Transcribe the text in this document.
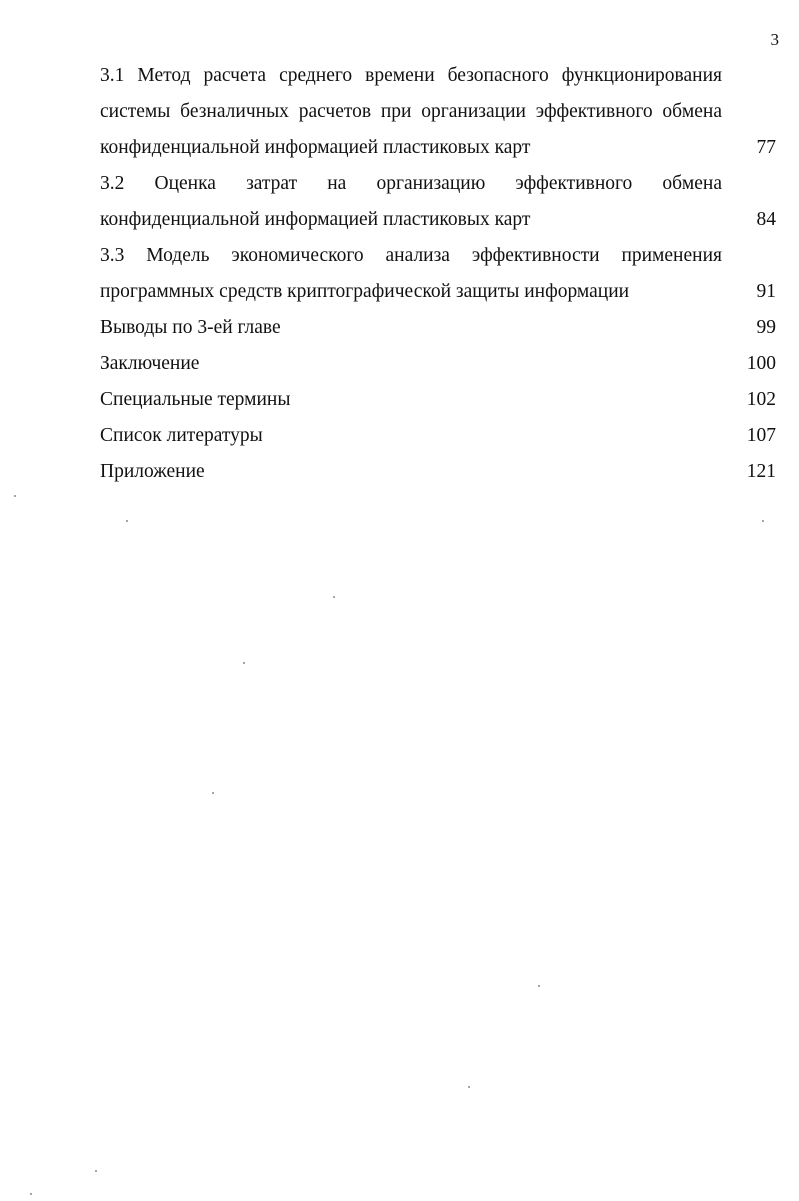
3
3.1 Метод расчета среднего времени безопасного функционирования
системы безналичных расчетов при организации эффективного обмена
конфиденциальной информацией пластиковых карт	77
3.2 Оценка затрат на организацию эффективного обмена
конфиденциальной информацией пластиковых карт	84
3.3 Модель экономического анализа эффективности применения
программных средств криптографической защиты информации	91
Выводы по 3-ей главе	99
Заключение	100
Специальные термины	102
Список литературы	107
Приложение	121
